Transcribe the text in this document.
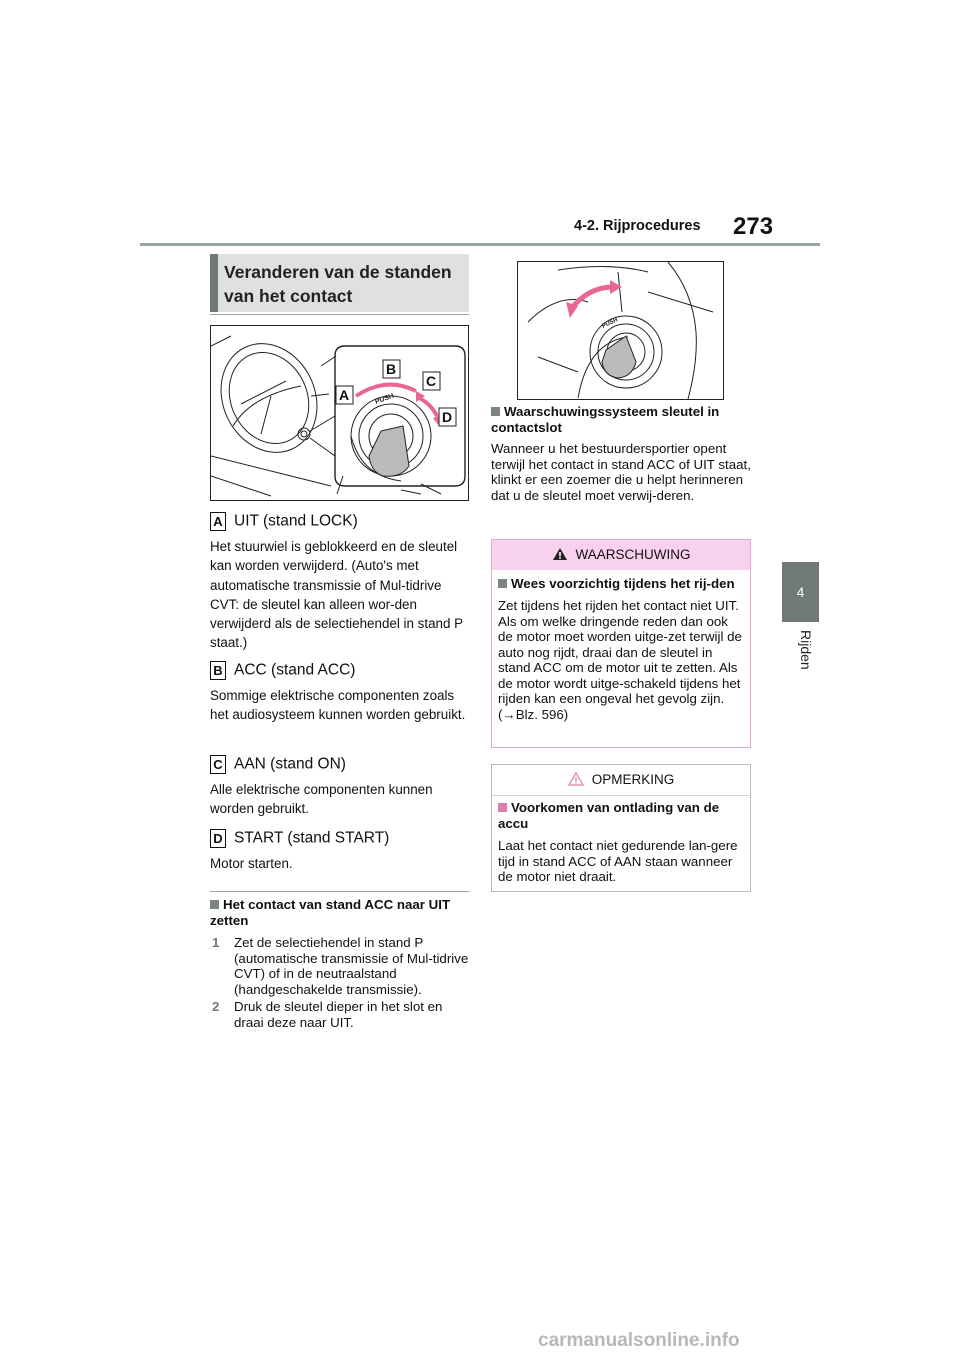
4-2. Rijprocedures 273
4
Rijden
Veranderen van de standen van het contact
PUSH
A
B
C
D
A UIT (stand LOCK)
Het stuurwiel is geblokkeerd en de sleutel kan worden verwijderd. (Auto's met automatische transmissie of Mul-tidrive CVT: de sleutel kan alleen wor-den verwijderd als de selectiehendel in stand P staat.)
B ACC (stand ACC)
Sommige elektrische componenten zoals het audiosysteem kunnen worden gebruikt.
C AAN (stand ON)
Alle elektrische componenten kunnen worden gebruikt.
D START (stand START)
Motor starten.
Het contact van stand ACC naar UIT zetten
1 Zet de selectiehendel in stand P (automatische transmissie of Mul-tidrive CVT) of in de neutraalstand (handgeschakelde transmissie).
2 Druk de sleutel dieper in het slot en draai deze naar UIT.
PUSH
Waarschuwingssysteem sleutel in contactslot
Wanneer u het bestuurdersportier opent terwijl het contact in stand ACC of UIT staat, klinkt er een zoemer die u helpt herinneren dat u de sleutel moet verwij-deren.
WAARSCHUWING
Wees voorzichtig tijdens het rij-den
Zet tijdens het rijden het contact niet UIT. Als om welke dringende reden dan ook de motor moet worden uitge-zet terwijl de auto nog rijdt, draai dan de sleutel in stand ACC om de motor uit te zetten. Als de motor wordt uitge-schakeld tijdens het rijden kan een ongeval het gevolg zijn. (→Blz. 596)
OPMERKING
Voorkomen van ontlading van de accu
Laat het contact niet gedurende lan-gere tijd in stand ACC of AAN staan wanneer de motor niet draait.
carmanualsonline.info
